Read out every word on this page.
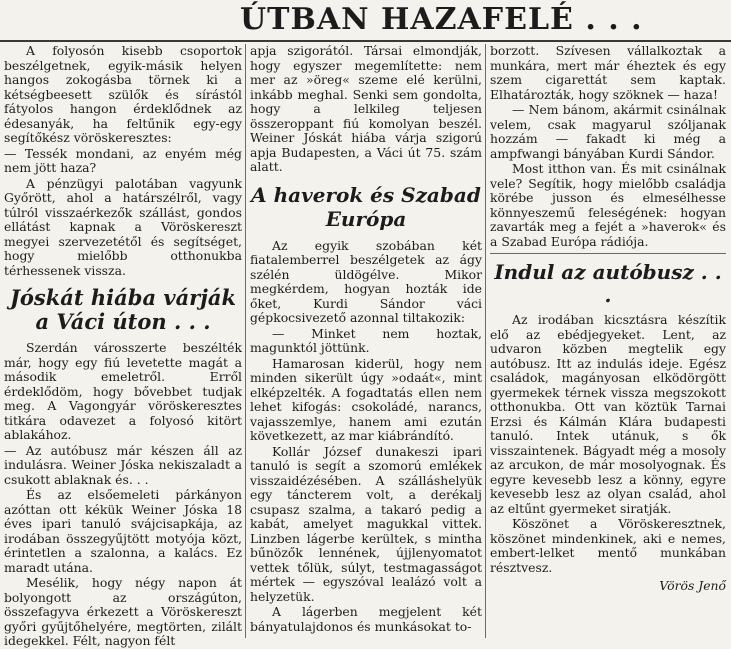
ÚTBAN HAZAFELÉ . . .

A folyosón kisebb csoportok beszélgetnek, egyik-másik helyen hangos zokogásba törnek ki a kétségbeesett szülők és sírástól fátyolos hangon érdeklődnek az édesanyák, ha feltűnik egy-egy segítőkész vöröskeresztes:

— Tessék mondani, az enyém még nem jött haza?

A pénzügyi palotában vagyunk Győrött, ahol a határszélről, vagy túlról visszaérkezők szállást, gondos ellátást kapnak a Vöröskereszt megyei szervezetétől és segítséget, hogy mielőbb otthonukba térhessenek vissza.

Jóskát hiába várják a Váci úton . . .

Szerdán városszerte beszélték már, hogy egy fiú levetette magát a második emeletről. Erről érdeklődöm, hogy bővebbet tudjak meg. A Vagongyár vöröskeresztes titkára odavezet a folyosó kitört ablakához.

— Az autóbusz már készen áll az indulásra. Weiner Jóska nekiszaladt a csukott ablaknak és. . .

És az elsőemeleti párkányon azóttan ott kékük Weiner Jóska 18 éves ipari tanuló svájcisapkája, az irodában összegyűjtött motyója közt, érintetlen a szalonna, a kalács. Ez maradt utána.

Mesélik, hogy négy napon át bolyongott az országúton, összefagyva érkezett a Vöröskereszt győri gyűjtőhelyére, megtörten, zilált idegekkel. Félt, nagyon félt

apja szigorától. Társai elmondják, hogy egyszer megemlítette: nem mer az »öreg« szeme elé kerülni, inkább meghal. Senki sem gondolta, hogy a lelkileg teljesen összeroppant fiú komolyan beszél. Weiner Jóskát hiába várja szigorú apja Budapesten, a Váci út 75. szám alatt.

A haverok és Szabad Európa

Az egyik szobában két fiatalemberrel beszélgetek az ágy szélén üldögélve. Mikor megkérdem, hogyan hozták ide őket, Kurdi Sándor váci gépkocsivezető azonnal tiltakozik:

— Minket nem hoztak, magunktól jöttünk.

Hamarosan kiderül, hogy nem minden sikerült úgy »odaát«, mint elképzelték. A fogadtatás ellen nem lehet kifogás: csokoládé, narancs, vajasszemlye, hanem ami ezután következett, az mar kiábrándító.

Kollár József dunakeszi ipari tanuló is segít a szomorú emlékek visszaidézésében. A szálláshelyük egy táncterem volt, a derékalj csupasz szalma, a takaró pedig a kabát, amelyet magukkal vittek. Linzben lágerbe kerültek, s mintha bűnözők lennének, újjlenyomatot vettek tőlük, súlyt, testmagasságot mértek — egyszóval lealázó volt a helyzetük.

A lágerben megjelent két bányatulajdonos és munkásokat to-

borzott. Szívesen vállalkoztak a munkára, mert már éheztek és egy szem cigarettát sem kaptak. Elhatározták, hogy szöknek — haza!

— Nem bánom, akármit csinálnak velem, csak magyarul szóljanak hozzám — fakadt ki még a ampfwangi bányában Kurdi Sándor.

Most itthon van. És mit csinálnak vele? Segítik, hogy mielőbb családja körébe jusson és elmesélhesse könnyeszemű feleségének: hogyan zavarták meg a fejét a »haverok« és a Szabad Európa rádiója.

Indul az autóbusz . . .

Az irodában kicsztásra készítik elő az ebédjegyeket. Lent, az udvaron közben megtelik egy autóbusz. Itt az indulás ideje. Egész családok, magányosan elködörgött gyermekek térnek vissza megszokott otthonukba. Ott van köztük Tarnai Erzsi és Kálmán Klára budapesti tanuló. Intek utánuk, s ők visszaintenek. Bágyadt még a mosoly az arcukon, de már mosolyognak. És egyre kevesebb lesz a könny, egyre kevesebb lesz az olyan család, ahol az eltűnt gyermeket siratják.

Köszönet a Vöröskeresztnek, köszönet mindenkinek, aki e nemes, embert-lelket mentő munkában résztvesz.

Vörös Jenő
